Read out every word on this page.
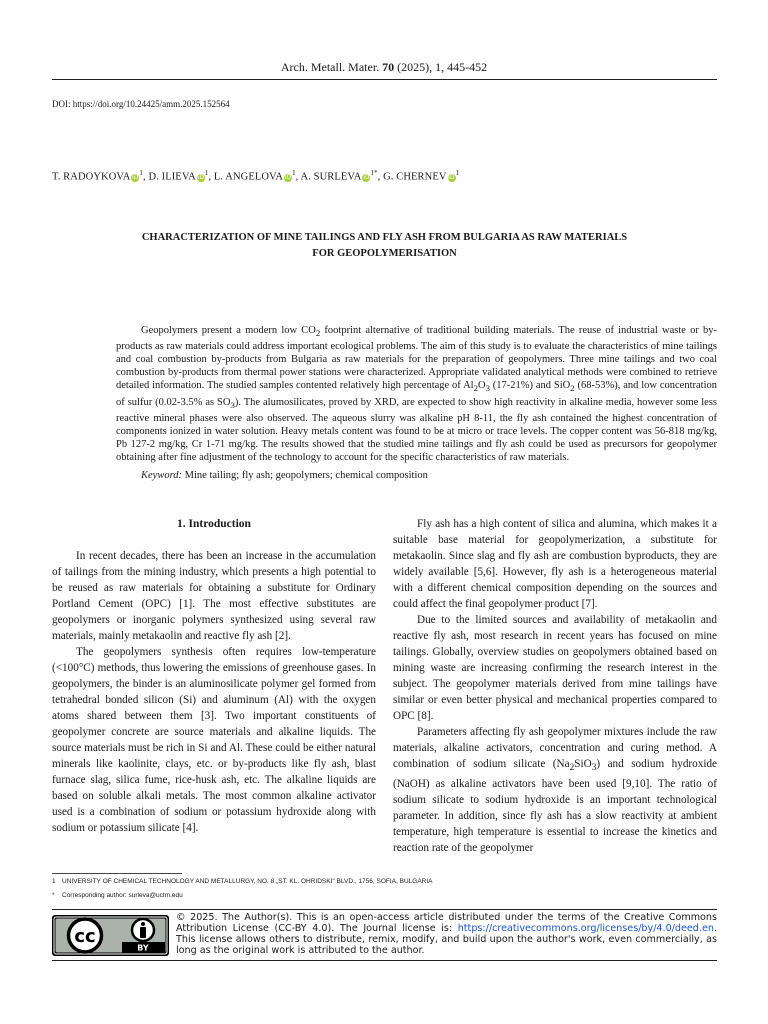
Arch. Metall. Mater. 70 (2025), 1, 445-452
DOI: https://doi.org/10.24425/amm.2025.152564
T. RADOYKOVA $iD^1$, D. ILIEVA $iD^1$, L. ANGELOVA $iD^1$, A. SURLEVA $iD^{1*}$, G. CHERNEV $iD^1$
CHARACTERIZATION OF MINE TAILINGS AND FLY ASH FROM BULGARIA AS RAW MATERIALS
FOR GEOPOLYMERISATION

Geopolymers present a modern low $CO_2$ footprint alternative of traditional building materials. The reuse of industrial waste or by-products as raw materials could address important ecological problems. The aim of this study is to evaluate the characteristics of mine tailings and coal combustion by-products from Bulgaria as raw materials for the preparation of geopolymers. Three mine tailings and two coal combustion by-products from thermal power stations were characterized. Appropriate validated analytical methods were combined to retrieve detailed information. The studied samples contented relatively high percentage of $Al_2O_3$ (17-21%) and SiO$_2$ (68-53%), and low concentration of sulfur (0.02-3.5% as $SO_3$). The alumosilicates, proved by XRD, are expected to show high reactivity in alkaline media, however some less reactive mineral phases were also observed. The aqueous slurry was alkaline pH 8-11, the fly ash contained the highest concentration of components ionized in water solution. Heavy metals content was found to be at micro or trace levels. The copper content was 56-818 mg/kg, Pb 127-2 mg/kg, Cr 1-71 mg/kg. The results showed that the studied mine tailings and fly ash could be used as precursors for geopolymer obtaining after fine adjustment of the technology to account for the specific characteristics of raw materials.

Keyword: Mine tailing; fly ash; geopolymers; chemical composition
1. Introduction

In recent decades, there has been an increase in the accumulation of tailings from the mining industry, which presents a high potential to be reused as raw materials for obtaining a substitute for Ordinary Portland Cement (OPC) [1]. The most effective substitutes are geopolymers or inorganic polymers synthesized using several raw materials, mainly metakaolin and reactive fly ash [2].

The geopolymers synthesis often requires low-temperature (<100°C) methods, thus lowering the emissions of greenhouse gases. In geopolymers, the binder is an aluminosilicate polymer gel formed from tetrahedral bonded silicon (Si) and aluminum (Al) with the oxygen atoms shared between them [3]. Two important constituents of geopolymer concrete are source materials and alkaline liquids. The source materials must be rich in Si and Al. These could be either natural minerals like kaolinite, clays, etc. or by-products like fly ash, blast furnace slag, silica fume, rice-husk ash, etc. The alkaline liquids are based on soluble alkali metals. The most common alkaline activator used is a combination of sodium or potassium hydroxide along with sodium or potassium silicate [4].

Fly ash has a high content of silica and alumina, which makes it a suitable base material for geopolymerization, a substitute for metakaolin. Since slag and fly ash are combustion byproducts, they are widely available [5,6]. However, fly ash is a heterogeneous material with a different chemical composition depending on the sources and could affect the final geopolymer product [7].

Due to the limited sources and availability of metakaolin and reactive fly ash, most research in recent years has focused on mine tailings. Globally, overview studies on geopolymers obtained based on mining waste are increasing confirming the research interest in the subject. The geopolymer materials derived from mine tailings have similar or even better physical and mechanical properties compared to OPC [8].

Parameters affecting fly ash geopolymer mixtures include the raw materials, alkaline activators, concentration and curing method. A combination of sodium silicate $(Na_2SiO_3)$ and sodium hydroxide (NaOH) as alkaline activators have been used [9,10]. The ratio of sodium silicate to sodium hydroxide is an important technological parameter. In addition, since fly ash has a slow reactivity at ambient temperature, high temperature is essential to increase the kinetics and reaction rate of the geopolymer

1 UNIVERSITY OF CHEMICAL TECHNOLOGY AND METALLURGY, NO. 8 „ST. KL. OHRIDSKI" BLVD., 1756, SOFIA, BULGARIA
* Corresponding author: surleva@uctm.edu
cc
BY
© 2025. The Author(s). This is an open-access article distributed under the terms of the Creative Commons Attribution License (CC-BY 4.0). The Journal license is: https://creativecommons.org/licenses/by/4.0/deed.en. This license allows others to distribute, remix, modify, and build upon the author's work, even commercially, as long as the original work is attributed to the author.
